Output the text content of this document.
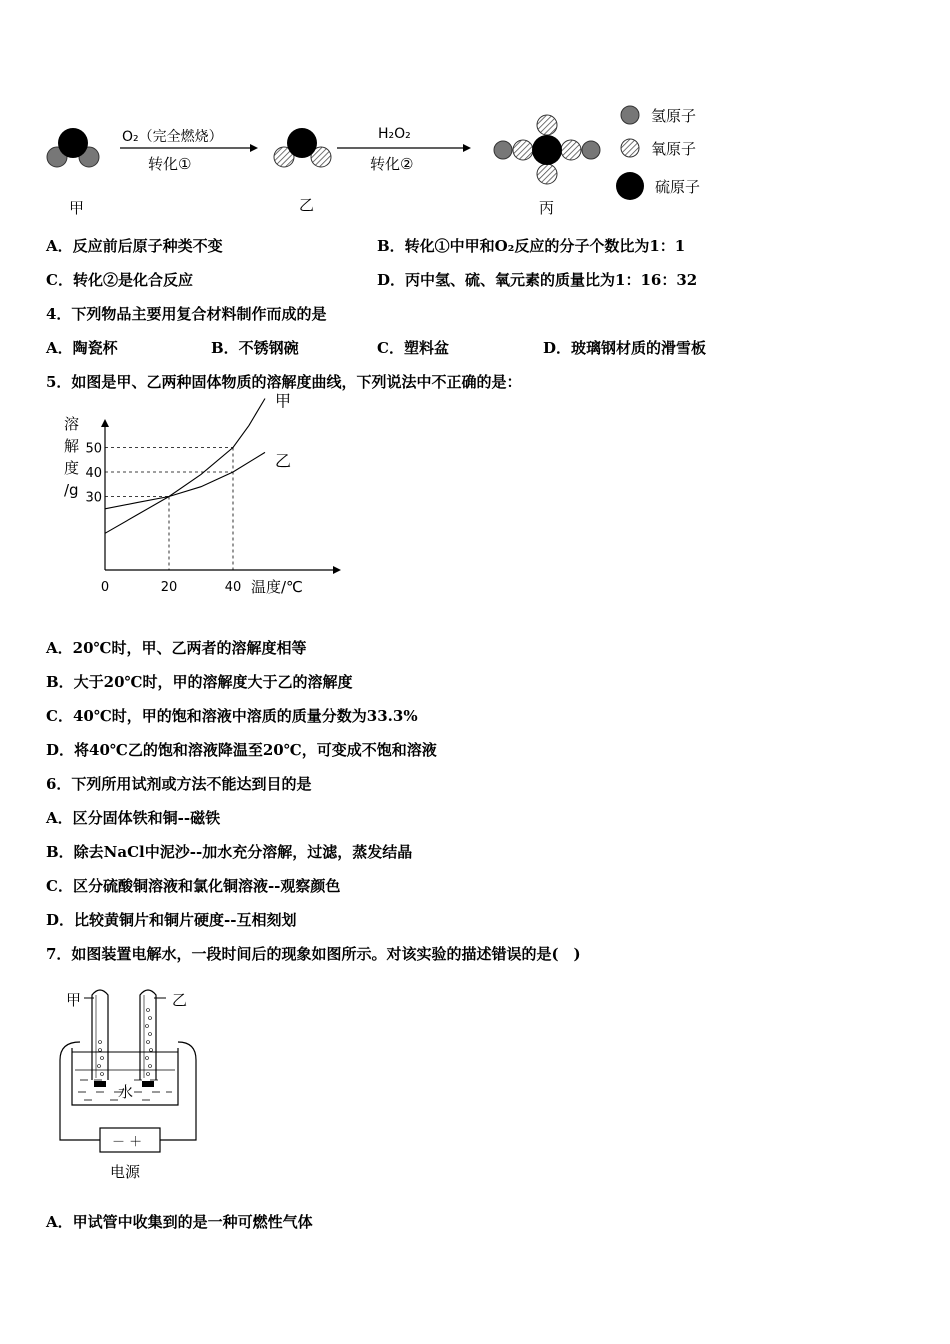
O₂（完全燃烧）
转化①
H₂O₂
转化②
甲	乙	丙
氢原子
氧原子
硫原子
A．反应前后原子种类不变	B．转化①中甲和O₂反应的分子个数比为1：1
C．转化②是化合反应	D．丙中氢、硫、氧元素的质量比为1：16：32
4．下列物品主要用复合材料制作而成的是
A．陶瓷杯	B．不锈钢碗	C．塑料盆	D．玻璃钢材质的滑雪板
5．如图是甲、乙两种固体物质的溶解度曲线，下列说法中不正确的是：
甲
乙
0	20	40
30
40
50
温度/℃
溶
解
度
/g
A．20℃时，甲、乙两者的溶解度相等
B．大于20℃时，甲的溶解度大于乙的溶解度
C．40℃时，甲的饱和溶液中溶质的质量分数为33.3%
D．将40℃乙的饱和溶液降温至20℃，可变成不饱和溶液
6．下列所用试剂或方法不能达到目的是
A．区分固体铁和铜--磁铁
B．除去NaCl中泥沙--加水充分溶解，过滤，蒸发结晶
C．区分硫酸铜溶液和氯化铜溶液--观察颜色
D．比较黄铜片和铜片硬度--互相刻划
7．如图装置电解水，一段时间后的现象如图所示。对该实验的描述错误的是(　)
甲	乙
水
－ ＋
电源
A．甲试管中收集到的是一种可燃性气体
